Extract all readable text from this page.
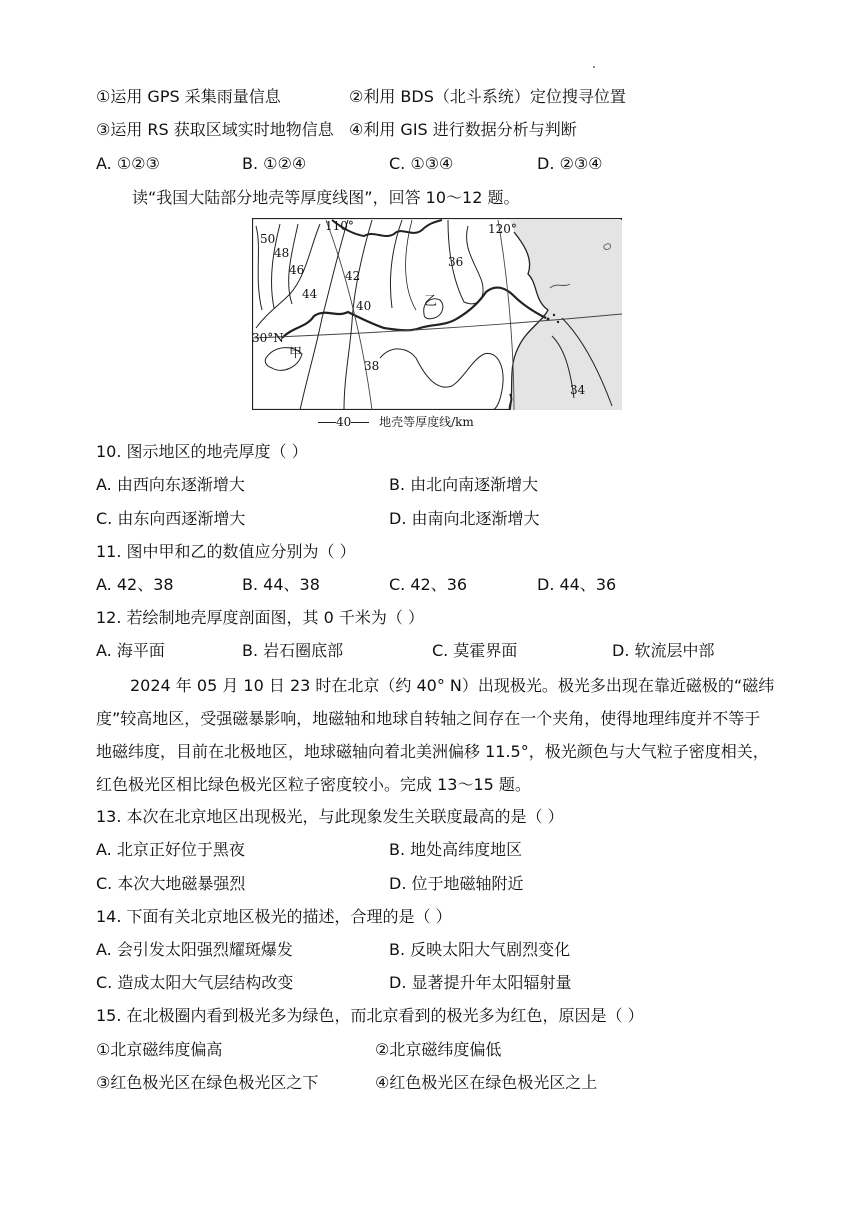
①运用 GPS 采集雨量信息	②利用 BDS（北斗系统）定位搜寻位置
③运用 RS 获取区域实时地物信息 ④利用 GIS 进行数据分析与判断
A. ①②③	B. ①②④	C. ①③④	D. ②③④
读“我国大陆部分地壳等厚度线图”，回答 10～12 题。
110°	120°
30°N
50
48
46
44
42
40
38
36
34
甲
乙
40 地壳等厚度线/km
10. 图示地区的地壳厚度（ ）
A. 由西向东逐渐增大	B. 由北向南逐渐增大
C. 由东向西逐渐增大	D. 由南向北逐渐增大
11. 图中甲和乙的数值应分别为（ ）
A. 42、38	B. 44、38	C. 42、36	D. 44、36
12. 若绘制地壳厚度剖面图，其 0 千米为（ ）
A. 海平面	B. 岩石圈底部	C. 莫霍界面	D. 软流层中部
2024 年 05 月 10 日 23 时在北京（约 40° N）出现极光。极光多出现在靠近磁极的“磁纬度”较高地区，受强磁暴影响，地磁轴和地球自转轴之间存在一个夹角，使得地理纬度并不等于地磁纬度，目前在北极地区，地球磁轴向着北美洲偏移 11.5°，极光颜色与大气粒子密度相关，红色极光区相比绿色极光区粒子密度较小。完成 13～15 题。
13. 本次在北京地区出现极光，与此现象发生关联度最高的是（ ）
A. 北京正好位于黑夜	B. 地处高纬度地区
C. 本次大地磁暴强烈	D. 位于地磁轴附近
14. 下面有关北京地区极光的描述，合理的是（ ）
A. 会引发太阳强烈耀斑爆发	B. 反映太阳大气剧烈变化
C. 造成太阳大气层结构改变	D. 显著提升年太阳辐射量
15. 在北极圈内看到极光多为绿色，而北京看到的极光多为红色，原因是（ ）
①北京磁纬度偏高	②北京磁纬度偏低
③红色极光区在绿色极光区之下	④红色极光区在绿色极光区之上
